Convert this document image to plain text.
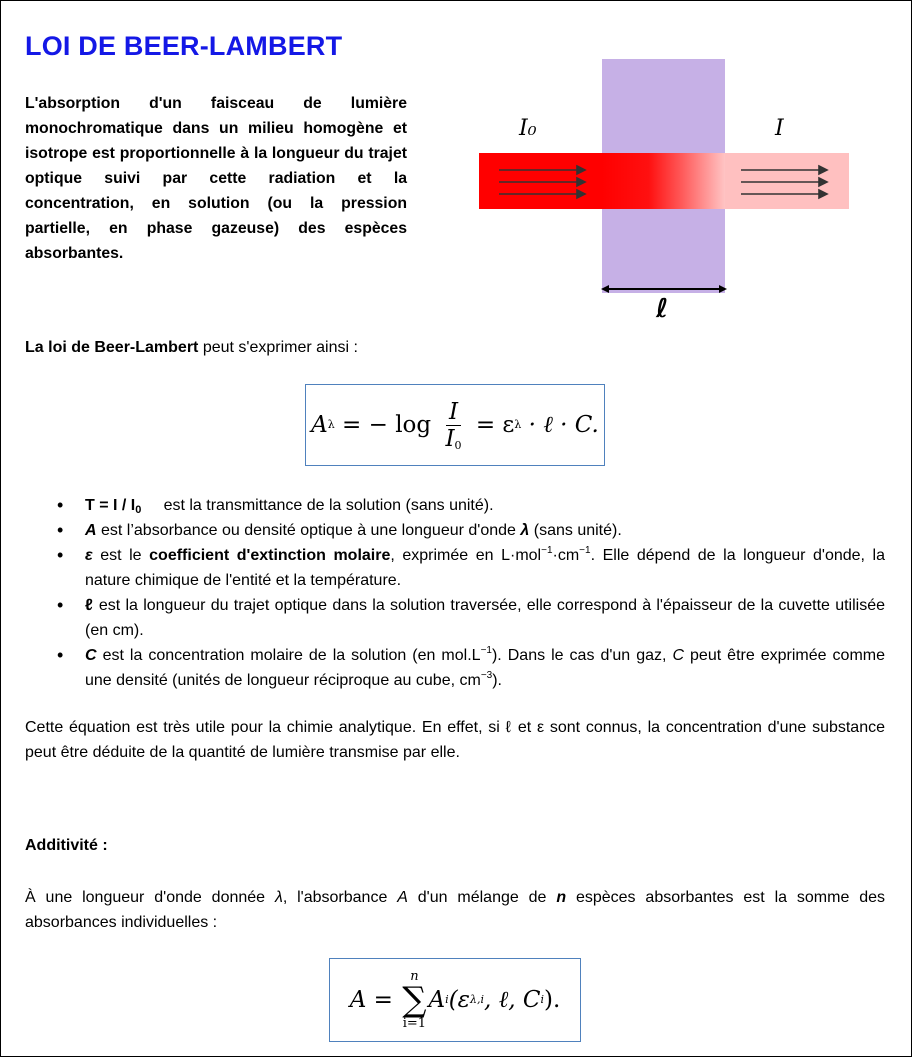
LOI DE BEER-LAMBERT
L'absorption d'un faisceau de lumière monochromatique dans un milieu homogène et isotrope est proportionnelle à la longueur du trajet optique suivi par cette radiation et la concentration, en solution (ou la pression partielle, en phase gazeuse) des espèces absorbantes.
I₀	I
ℓ
La loi de Beer-Lambert peut s'exprimer ainsi :
A λ = − $\log \frac{I}{I_0} = \varepsilon$ λ · ℓ · C.
• $T = I / I_0$     est la transmittance de la solution (sans unité).
• A est l’absorbance ou densité optique à une longueur d'onde λ (sans unité).
• ε est le coefficient d'extinction molaire, exprimée en $L\cdot mol^{-1}\cdot cm^{-1}$. Elle dépend de la longueur d'onde, la nature chimique de l'entité et la température.
• ℓ est la longueur du trajet optique dans la solution traversée, elle correspond à l'épaisseur de la cuvette utilisée (en cm).
• C est la concentration molaire de la solution (en $mol.L^{-1}$). Dans le cas d'un gaz, C peut être exprimée comme une densité (unités de longueur réciproque au cube, $cm^{-3}$).
Cette équation est très utile pour la chimie analytique. En effet, si ℓ et ε sont connus, la concentration d'une substance peut être déduite de la quantité de lumière transmise par elle.
Additivité :
À une longueur d'onde donnée λ, l'absorbance A d'un mélange de n espèces absorbantes est la somme des absorbances individuelles :
A =
n
∑
i=1
A i (ε λ,i , ℓ, C i ).
